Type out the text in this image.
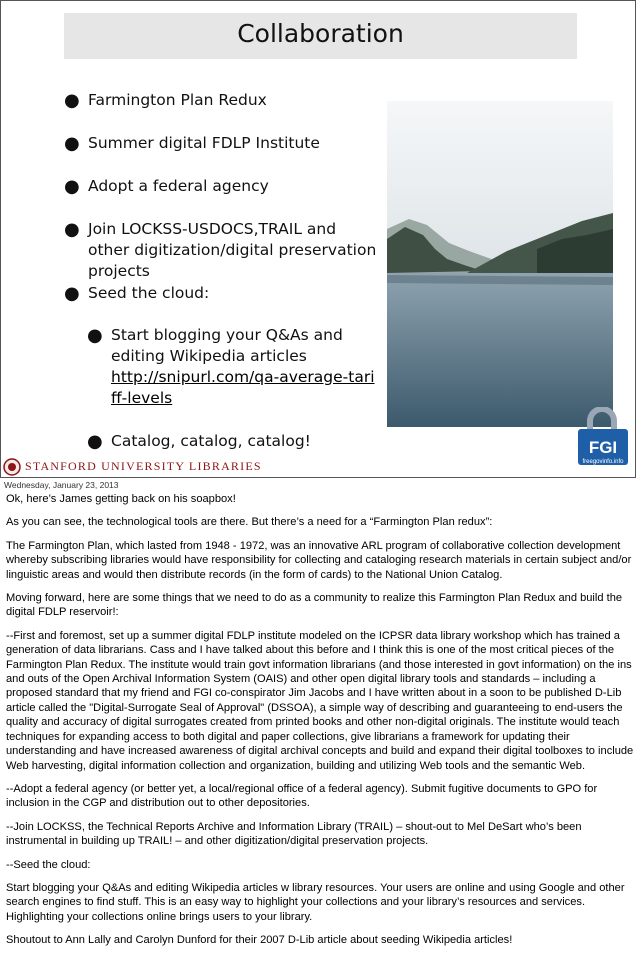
Collaboration
● Farmington Plan Redux
● Summer digital FDLP Institute
● Adopt a federal agency
● Join LOCKSS-USDOCS,TRAIL and other digitization/digital preservation projects
● Seed the cloud:
● Start blogging your Q&As and editing Wikipedia articles
http://snipurl.com/qa-average-tariff-levels
● Catalog, catalog, catalog!	FGI
freegovinfo.info
STANFORD UNIVERSITY LIBRARIES
Wednesday, January 23, 2013

Ok, here’s James getting back on his soapbox!

As you can see, the technological tools are there. But there’s a need for a “Farmington Plan redux”:

The Farmington Plan, which lasted from 1948 - 1972, was an innovative ARL program of collaborative collection development whereby subscribing libraries would have responsibility for collecting and cataloging research materials in certain subject and/or linguistic areas and would then distribute records (in the form of cards) to the National Union Catalog.

Moving forward, here are some things that we need to do as a community to realize this Farmington Plan Redux and build the digital FDLP reservoir!:

--First and foremost, set up a summer digital FDLP institute modeled on the ICPSR data library workshop which has trained a generation of data librarians. Cass and I have talked about this before and I think this is one of the most critical pieces of the Farmington Plan Redux. The institute would train govt information librarians (and those interested in govt information) on the ins and outs of the Open Archival Information System (OAIS) and other open digital library tools and standards – including a proposed standard that my friend and FGI co-conspirator Jim Jacobs and I have written about in a soon to be published D-Lib article called the "Digital-Surrogate Seal of Approval" (DSSOA), a simple way of describing and guaranteeing to end-users the quality and accuracy of digital surrogates created from printed books and other non-digital originals. The institute would teach techniques for expanding access to both digital and paper collections, give librarians a framework for updating their understanding and have increased awareness of digital archival concepts and build and expand their digital toolboxes to include Web harvesting, digital information collection and organization, building and utilizing Web tools and the semantic Web.

--Adopt a federal agency (or better yet, a local/regional office of a federal agency). Submit fugitive documents to GPO for inclusion in the CGP and distribution out to other depositories.

--Join LOCKSS, the Technical Reports Archive and Information Library (TRAIL) – shout-out to Mel DeSart who’s been instrumental in building up TRAIL! – and other digitization/digital preservation projects.

--Seed the cloud:

Start blogging your Q&As and editing Wikipedia articles w library resources. Your users are online and using Google and other search engines to find stuff. This is an easy way to highlight your collections and your library’s resources and services. Highlighting your collections online brings users to your library.

Shoutout to Ann Lally and Carolyn Dunford for their 2007 D-Lib article about seeding Wikipedia articles!
